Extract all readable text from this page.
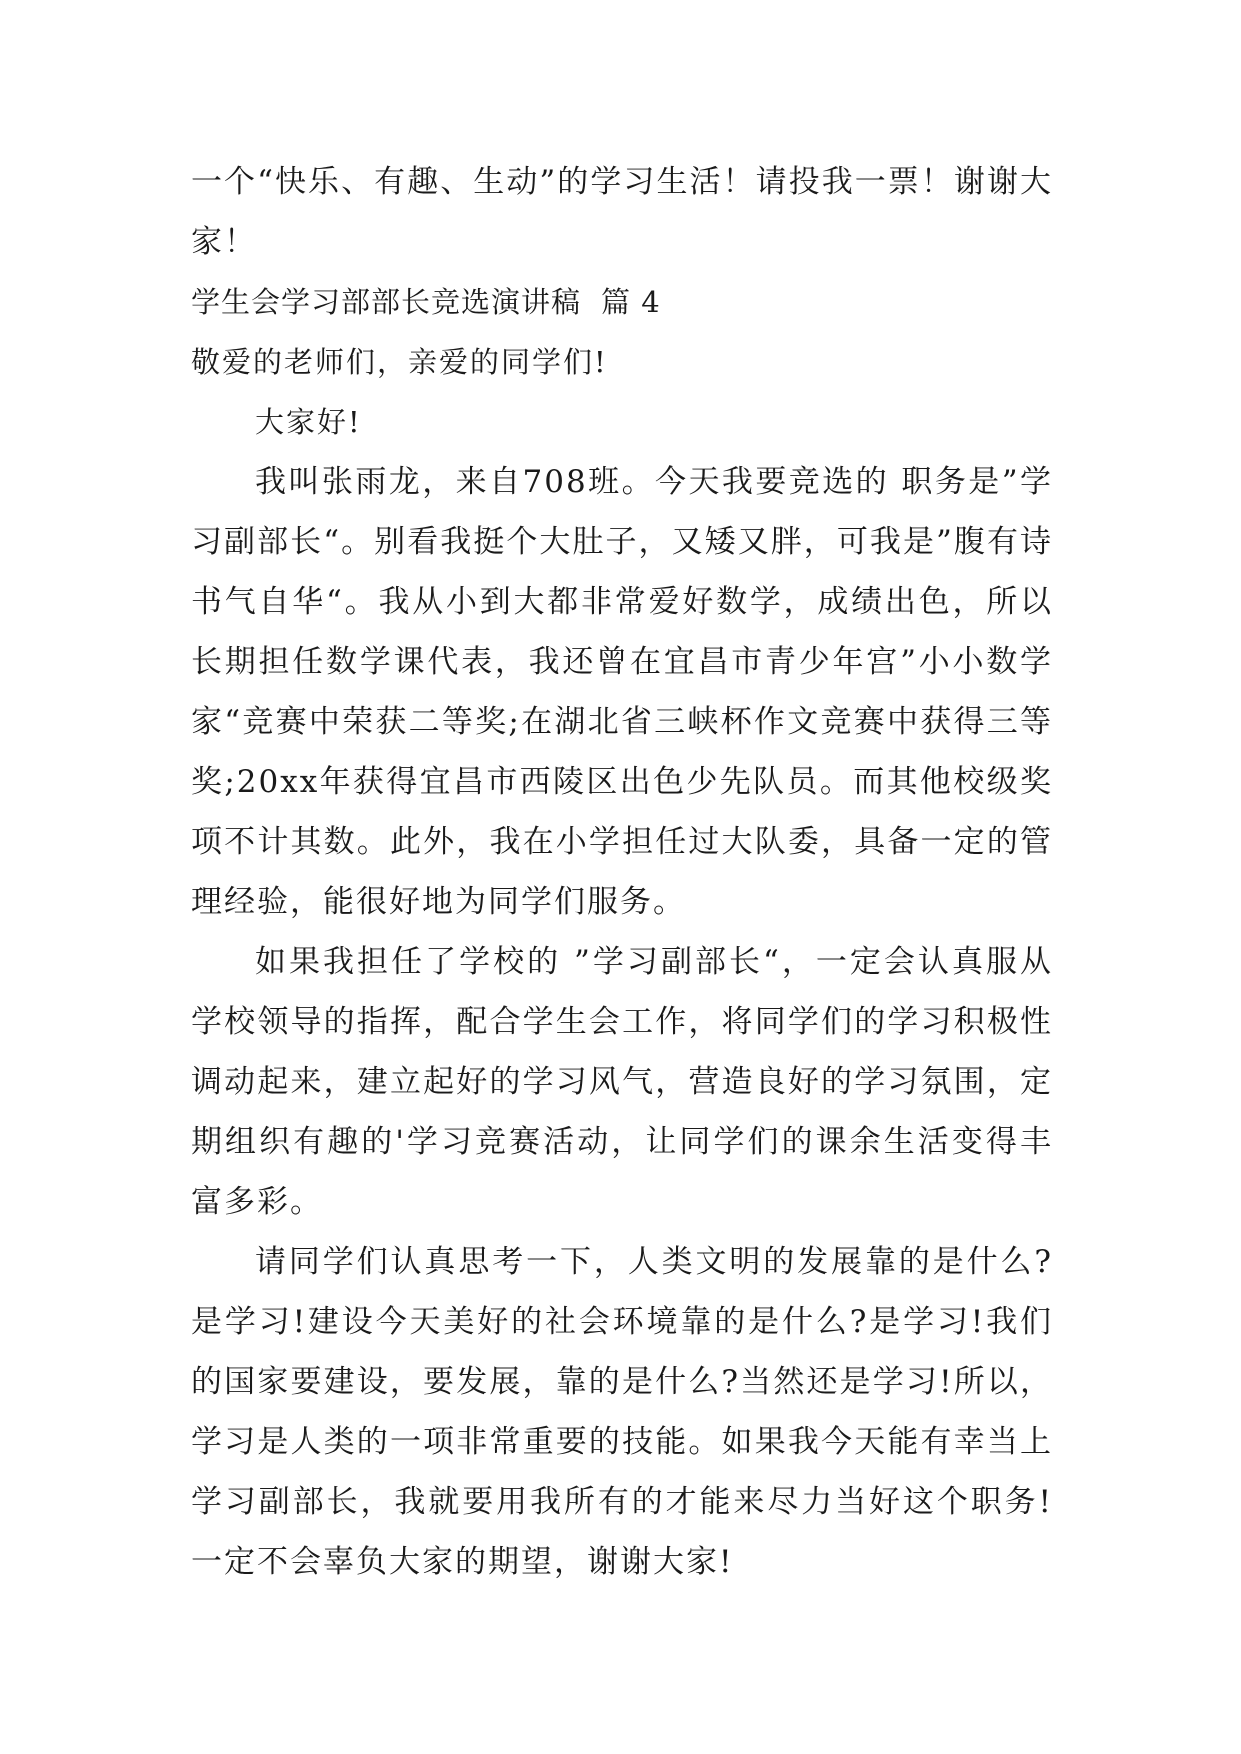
一个“快乐、有趣、生动”的学习生活！请投我一票！谢谢大家！

学生会学习部部长竞选演讲稿 篇 4

敬爱的老师们，亲爱的同学们!

大家好!

我叫张雨龙，来自708班。今天我要竞选的 职务是”学习副部长“。别看我挺个大肚子，又矮又胖，可我是”腹有诗书气自华“。我从小到大都非常爱好数学，成绩出色，所以长期担任数学课代表，我还曾在宜昌市青少年宫”小小数学家“竞赛中荣获二等奖;在湖北省三峡杯作文竞赛中获得三等奖;20xx年获得宜昌市西陵区出色少先队员。而其他校级奖项不计其数。此外，我在小学担任过大队委，具备一定的管理经验，能很好地为同学们服务。

如果我担任了学校的 ”学习副部长“，一定会认真服从学校领导的指挥，配合学生会工作，将同学们的学习积极性调动起来，建立起好的学习风气，营造良好的学习氛围，定期组织有趣的'学习竞赛活动，让同学们的课余生活变得丰富多彩。

请同学们认真思考一下，人类文明的发展靠的是什么?是学习!建设今天美好的社会环境靠的是什么?是学习!我们的国家要建设，要发展，靠的是什么?当然还是学习!所以，学习是人类的一项非常重要的技能。如果我今天能有幸当上学习副部长，我就要用我所有的才能来尽力当好这个职务!一定不会辜负大家的期望，谢谢大家!
